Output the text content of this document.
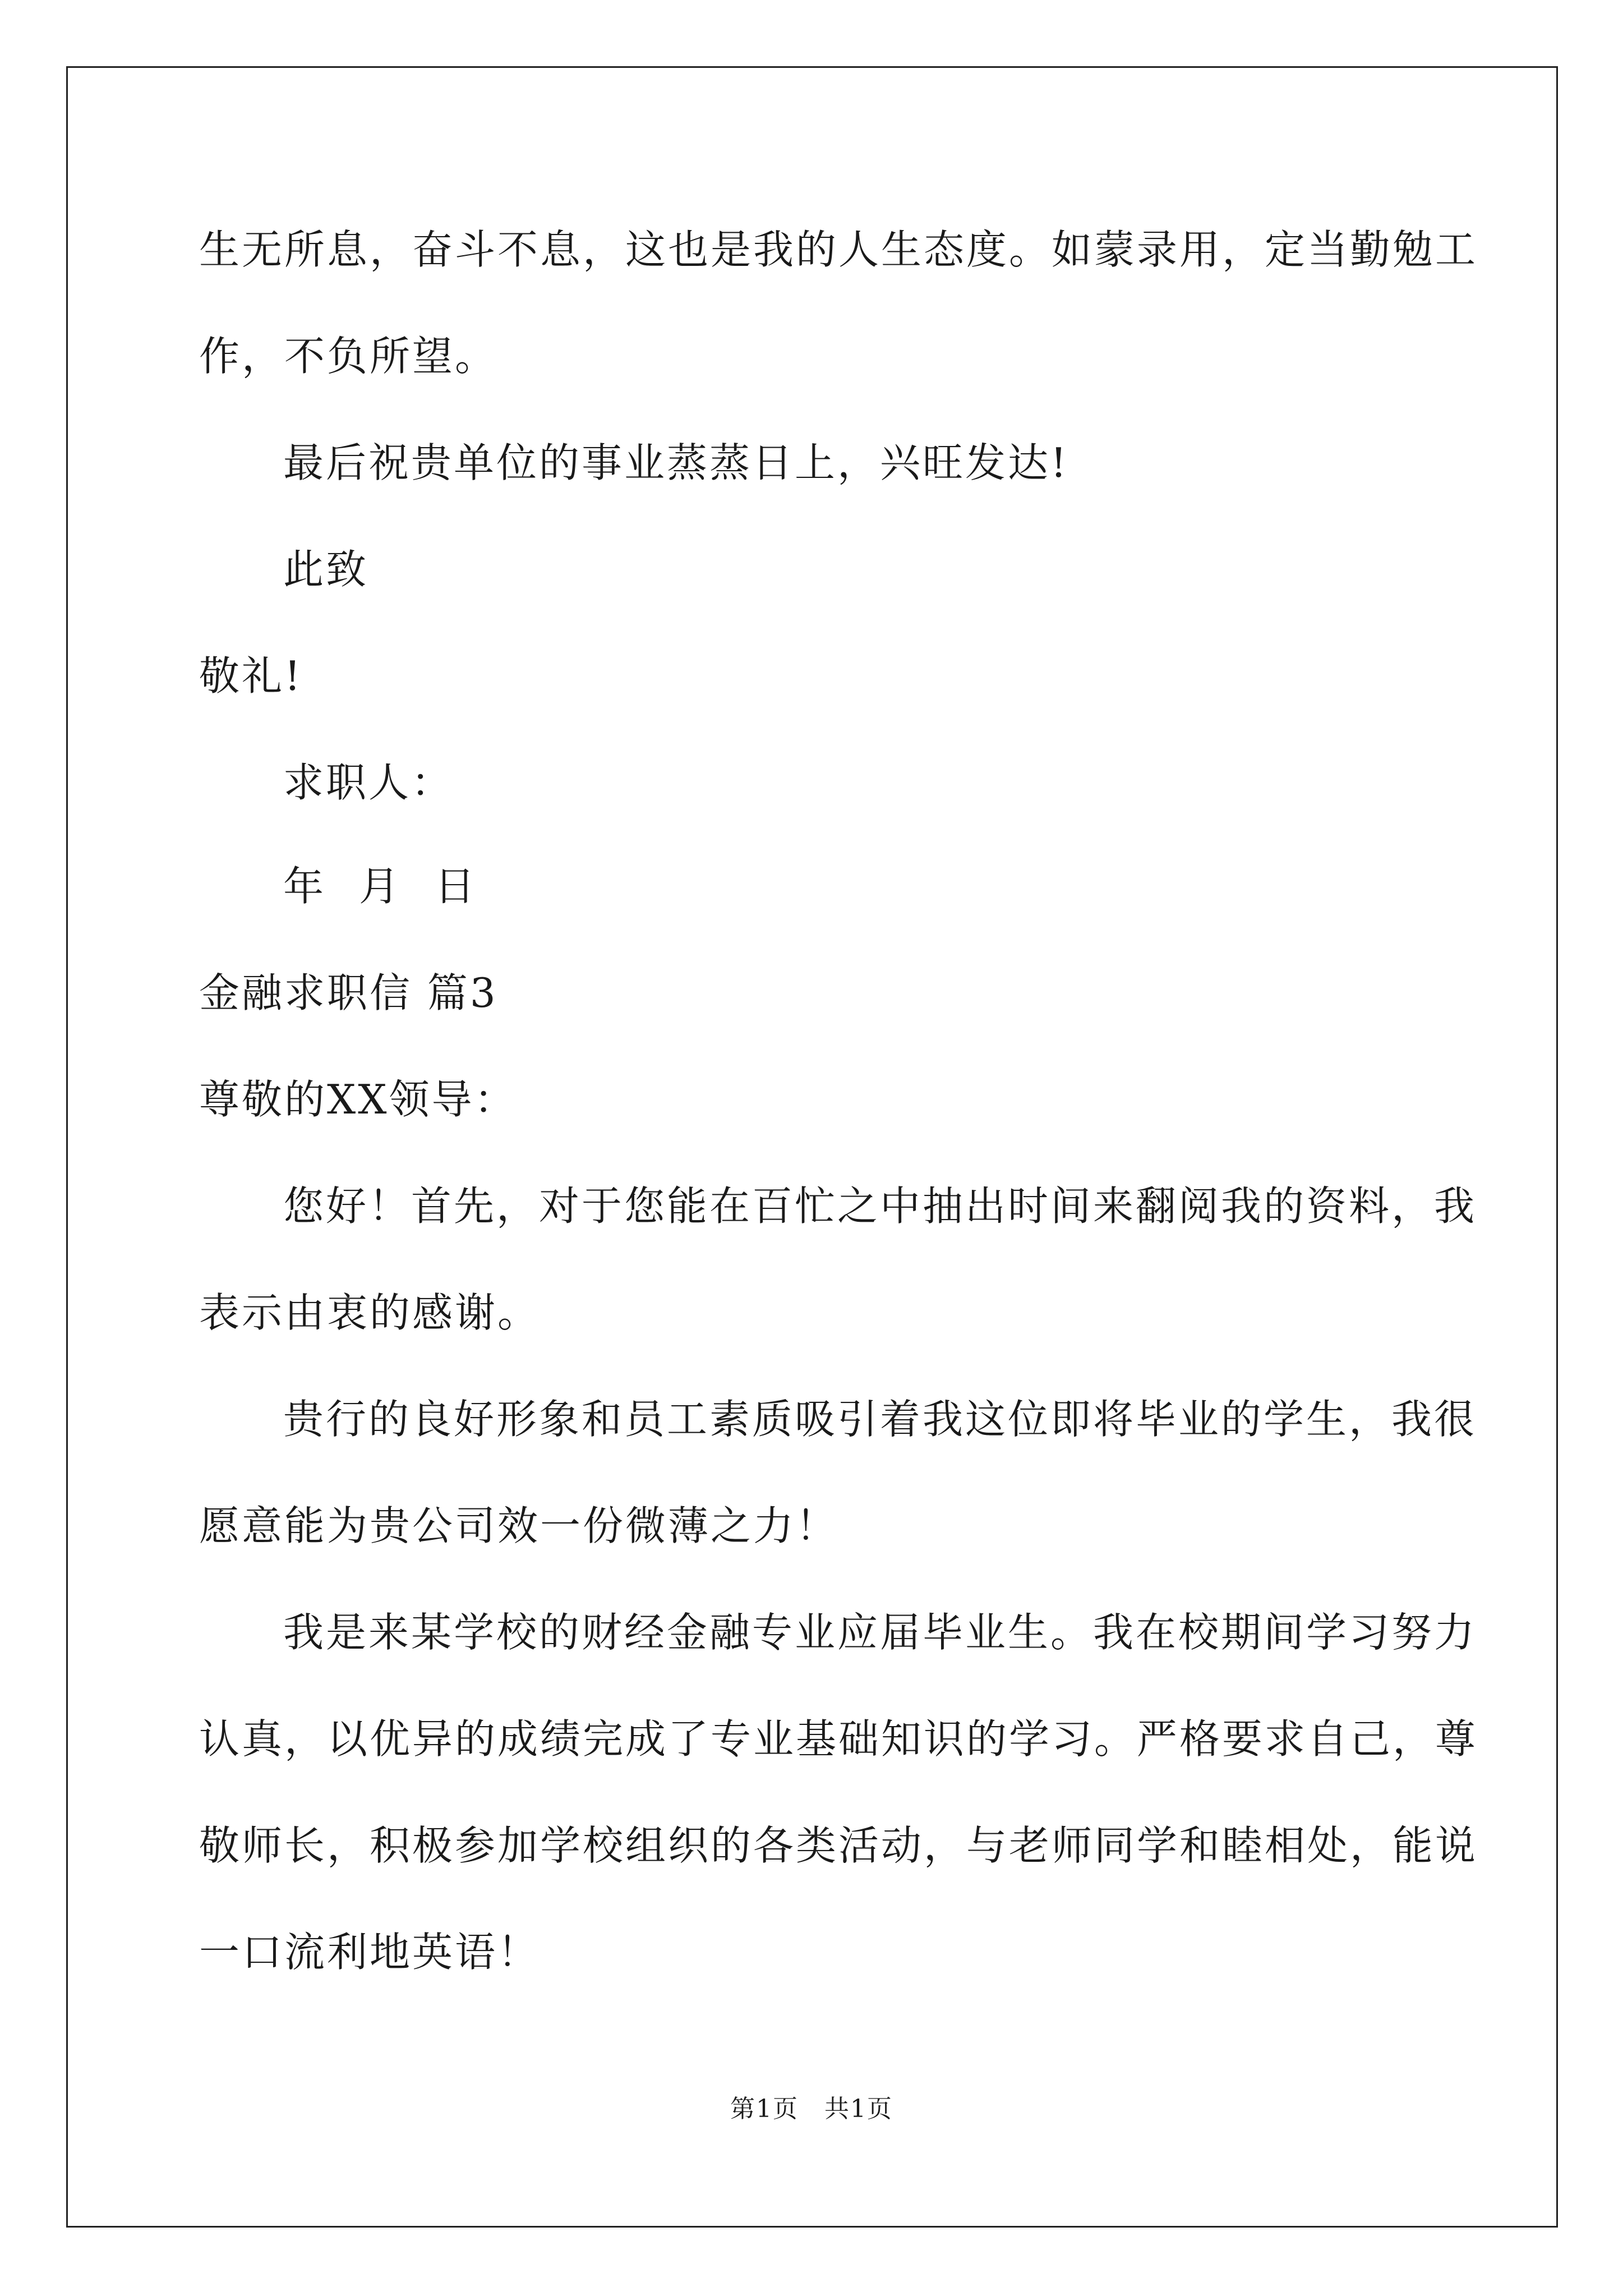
生无所息，奋斗不息，这也是我的人生态度。如蒙录用，定当勤勉工
作，不负所望。
最后祝贵单位的事业蒸蒸日上，兴旺发达!
此致
敬礼!
求职人：
年 月 日
金融求职信 篇3
尊敬的XX领导：
您好！首先，对于您能在百忙之中抽出时间来翻阅我的资料，我
表示由衷的感谢。
贵行的良好形象和员工素质吸引着我这位即将毕业的学生，我很
愿意能为贵公司效一份微薄之力！
我是来某学校的财经金融专业应届毕业生。我在校期间学习努力
认真，以优异的成绩完成了专业基础知识的学习。严格要求自己，尊
敬师长，积极参加学校组织的各类活动，与老师同学和睦相处，能说
一口流利地英语！
第1页　共1页
